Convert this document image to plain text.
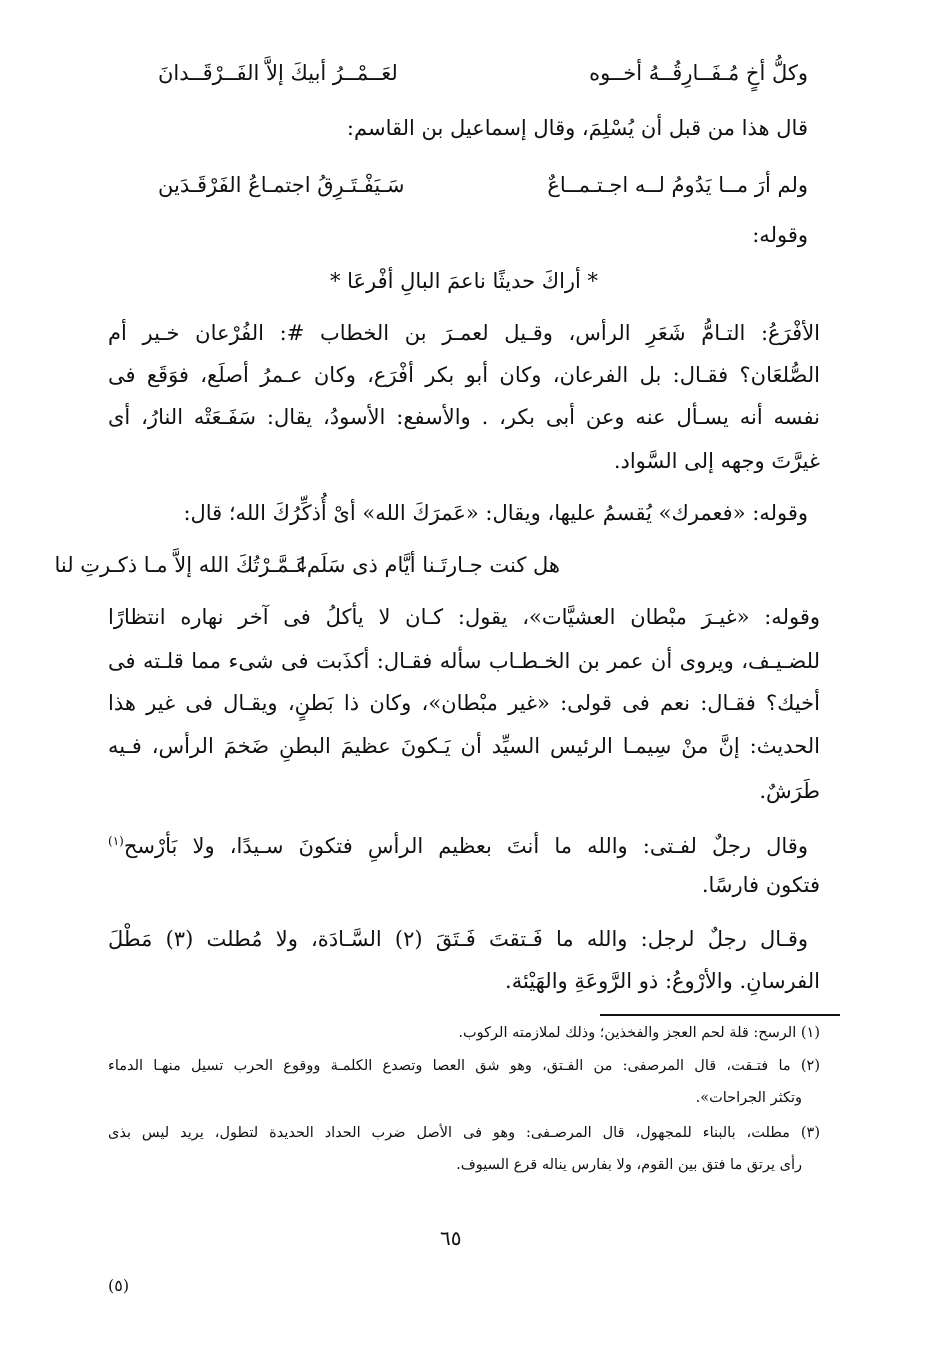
وكلُّ أخٍ مُـفَــارِقُــهُ أخــوه
لعَــمْــرُ أبيكَ إلاَّ الفَــرْقَــدانَ
قال هذا من قبل أن يُسْلِمَ، وقال إسماعيل بن القاسم:
ولم أرَ مــا يَدُومُ لــه اجـتـمــاعٌ
سَـيَفْـتَـرِقُ اجتمـاعُ الفَرْقَـدَين
وقوله:
* أراكَ حديثًا ناعمَ البالِ أفْرعَا *
الأفْرَعُ: التـامُّ شَعَرِ الرأس، وقـيل لعمـرَ بن الخطاب #: الفُرْعان خـير أم
الصُّلعَان؟ فقـال: بل الفرعان، وكان أبو بكر أفْرَع، وكان عـمرُ أصلَع، فوَقَع فى
نفسه أنه يسـأل عنه وعن أبى بكر، . والأسفع: الأسودُ، يقال: سَفَـعَتْه النارُ، أى
غيرَّتَ وجهه إلى السَّواد.
وقوله: «فعمرك» يُقسمُ عليها، ويقال: «عَمرَكَ الله» أىْ أُذكِّرُكَ الله؛ قال:
هل كنت جـارتَـنا أيَّام ذى سَلَم!
عَـمَّـرْتُكَ الله إلاَّ مـا ذكـرتِ لنا
وقوله: «غيـرَ مبْطان العشيَّات»، يقول: كـان لا يأكلُ فى آخر نهاره انتظارًا
للضـيـف، ويروى أن عمر بن الخـطـاب سأله فقـال: أكذَبت فى شىء مما قلـته فى
أخيك؟ فقـال: نعم فى قولى: «غير مبْطان»، وكان ذا بَطنٍ، ويقـال فى غير هذا
الحديث: إنَّ منْ سِيمـا الرئيس السيِّد أن يَـكونَ عظيمَ البطنِ ضَخمَ الرأس، فـيه
طَرَشٌ.
وقال رجلٌ لفـتى: والله ما أنتَ بعظيم الرأسِ فتكونَ سـيدًا، ولا بَأرْسح$^{(١)}$
فتكون فارسًا.
وقـال رجلٌ لرجل: والله ما فَـتقتَ فَـتَقَ (٢) السَّـادَة، ولا مُطلت (٣) مَطْلَ
الفرسانِ. والأرْوعُ: ذو الرَّوعَةِ والهَيْئة.
(١) الرسح: قلة لحم العجز والفخذين؛ وذلك لملازمته الركوب.
(٢) ما فتـقت، قال المرصفى: من الفـتق، وهو شق العصا وتصدع الكلمـة ووقوع الحرب تسيل منهـا الدماء
وتكثر الجراحات».
(٣) مطلت، بالبناء للمجهول، قال المرصـفى: وهو فى الأصل ضرب الحداد الحديدة لتطول، يريد ليس بذى
رأى يرتق ما فتق بين القوم، ولا بفارس يناله قرع السيوف.
٦٥
(٥)
